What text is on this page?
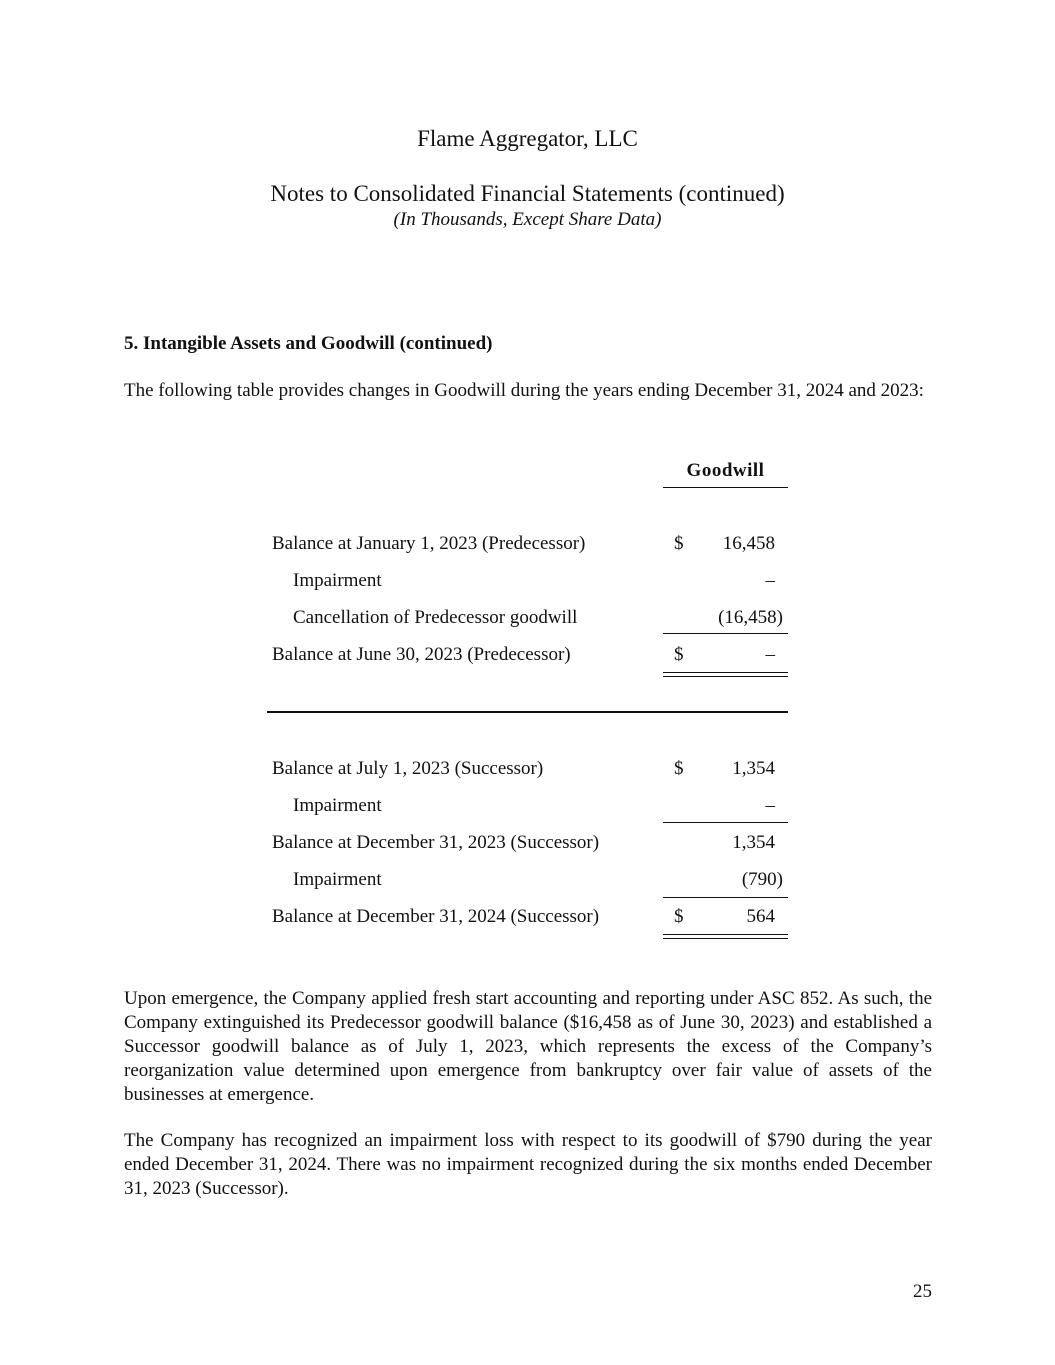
Flame Aggregator, LLC
Notes to Consolidated Financial Statements (continued)
(In Thousands, Except Share Data)
5. Intangible Assets and Goodwill (continued)

The following table provides changes in Goodwill during the years ending December 31, 2024 and 2023:

Goodwill
Balance at January 1, 2023 (Predecessor)	$ 16,458
Impairment	–
Cancellation of Predecessor goodwill	(16,458)
Balance at June 30, 2023 (Predecessor)	$	–
Balance at July 1, 2023 (Successor)	$	1,354
Impairment	–
Balance at December 31, 2023 (Successor)	1,354
Impairment	(790)
Balance at December 31, 2024 (Successor)	$	564

Upon emergence, the Company applied fresh start accounting and reporting under ASC 852. As such, the Company extinguished its Predecessor goodwill balance ($16,458 as of June 30, 2023) and established a Successor goodwill balance as of July 1, 2023, which represents the excess of the Company’s reorganization value determined upon emergence from bankruptcy over fair value of assets of the businesses at emergence.

The Company has recognized an impairment loss with respect to its goodwill of $790 during the year ended December 31, 2024. There was no impairment recognized during the six months ended December 31, 2023 (Successor).

25
